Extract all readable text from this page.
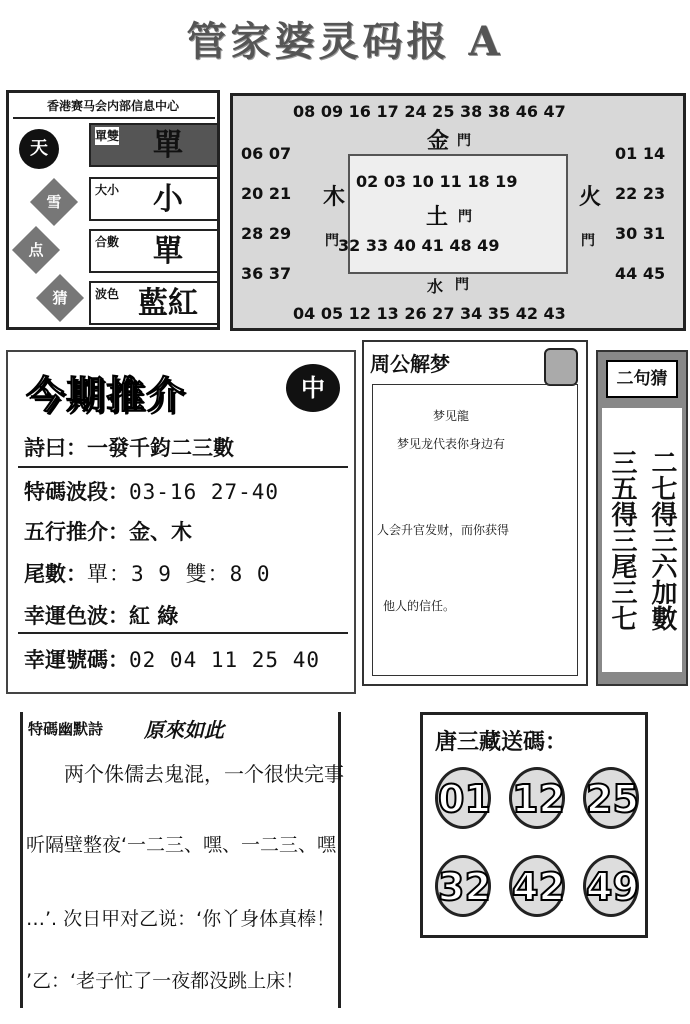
管家婆灵码报 A
香港赛马会内部信息中心
天
雪
点
猜
單雙	單
大小	小
合數	單
波色 藍紅
08 09 16 17 24 25 38 38 46 47
06 07
20 21
28 29
36 37
01 14
22 23
30 31
44 45
04 05 12 13 26 27 34 35 42 43
金 門
木
門
火
門
02 03 10 11 18 19
土 門
32 33 40 41 48 49
水 門
今期推介	中
詩曰：一發千鈞二三數
特碼波段：03-16 27-40
五行推介：金、木
尾數：單：3 9 雙：8 0
幸運色波：紅 綠
幸運號碼：02 04 11 25 40
周公解梦
梦见龍
梦见龙代表你身边有
人会升官发财，而你获得
他人的信任。
二句猜
三五得三尾三七 二七得三六加數
特碼幽默詩 原來如此
两个侏儒去鬼混，一个很快完事
听隔壁整夜‘一二三、嘿、一二三、嘿
…’. 次日甲对乙说：‘你丫身体真棒！
’乙：‘老子忙了一夜都没跳上床！
唐三藏送碼：
01 12 25
32 42 49
